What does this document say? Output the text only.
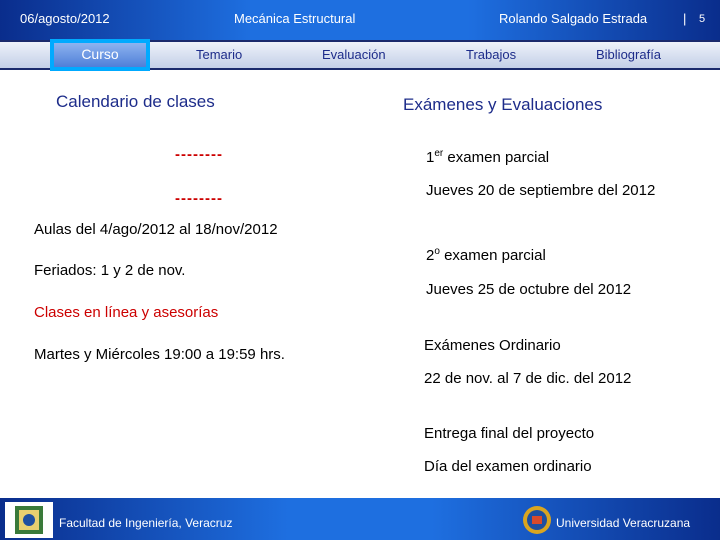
06/agosto/2012	Mecánica Estructural	Rolando Salgado Estrada	| 5
Temario	Evaluación	Trabajos	Bibliografía
Curso
Calendario de clases
--------
--------
Aulas del 4/ago/2012 al 18/nov/2012
Feriados: 1 y 2 de nov.
Clases en línea y asesorías
Martes y Miércoles 19:00 a 19:59 hrs.
Exámenes y Evaluaciones
1er examen parcial
Jueves 20 de septiembre del 2012
2$^o$ examen parcial
Jueves 25 de octubre del 2012
Exámenes Ordinario
22 de nov. al 7 de dic. del 2012
Entrega final del proyecto
Día del examen ordinario
Facultad de Ingeniería, Veracruz	Universidad Veracruzana
